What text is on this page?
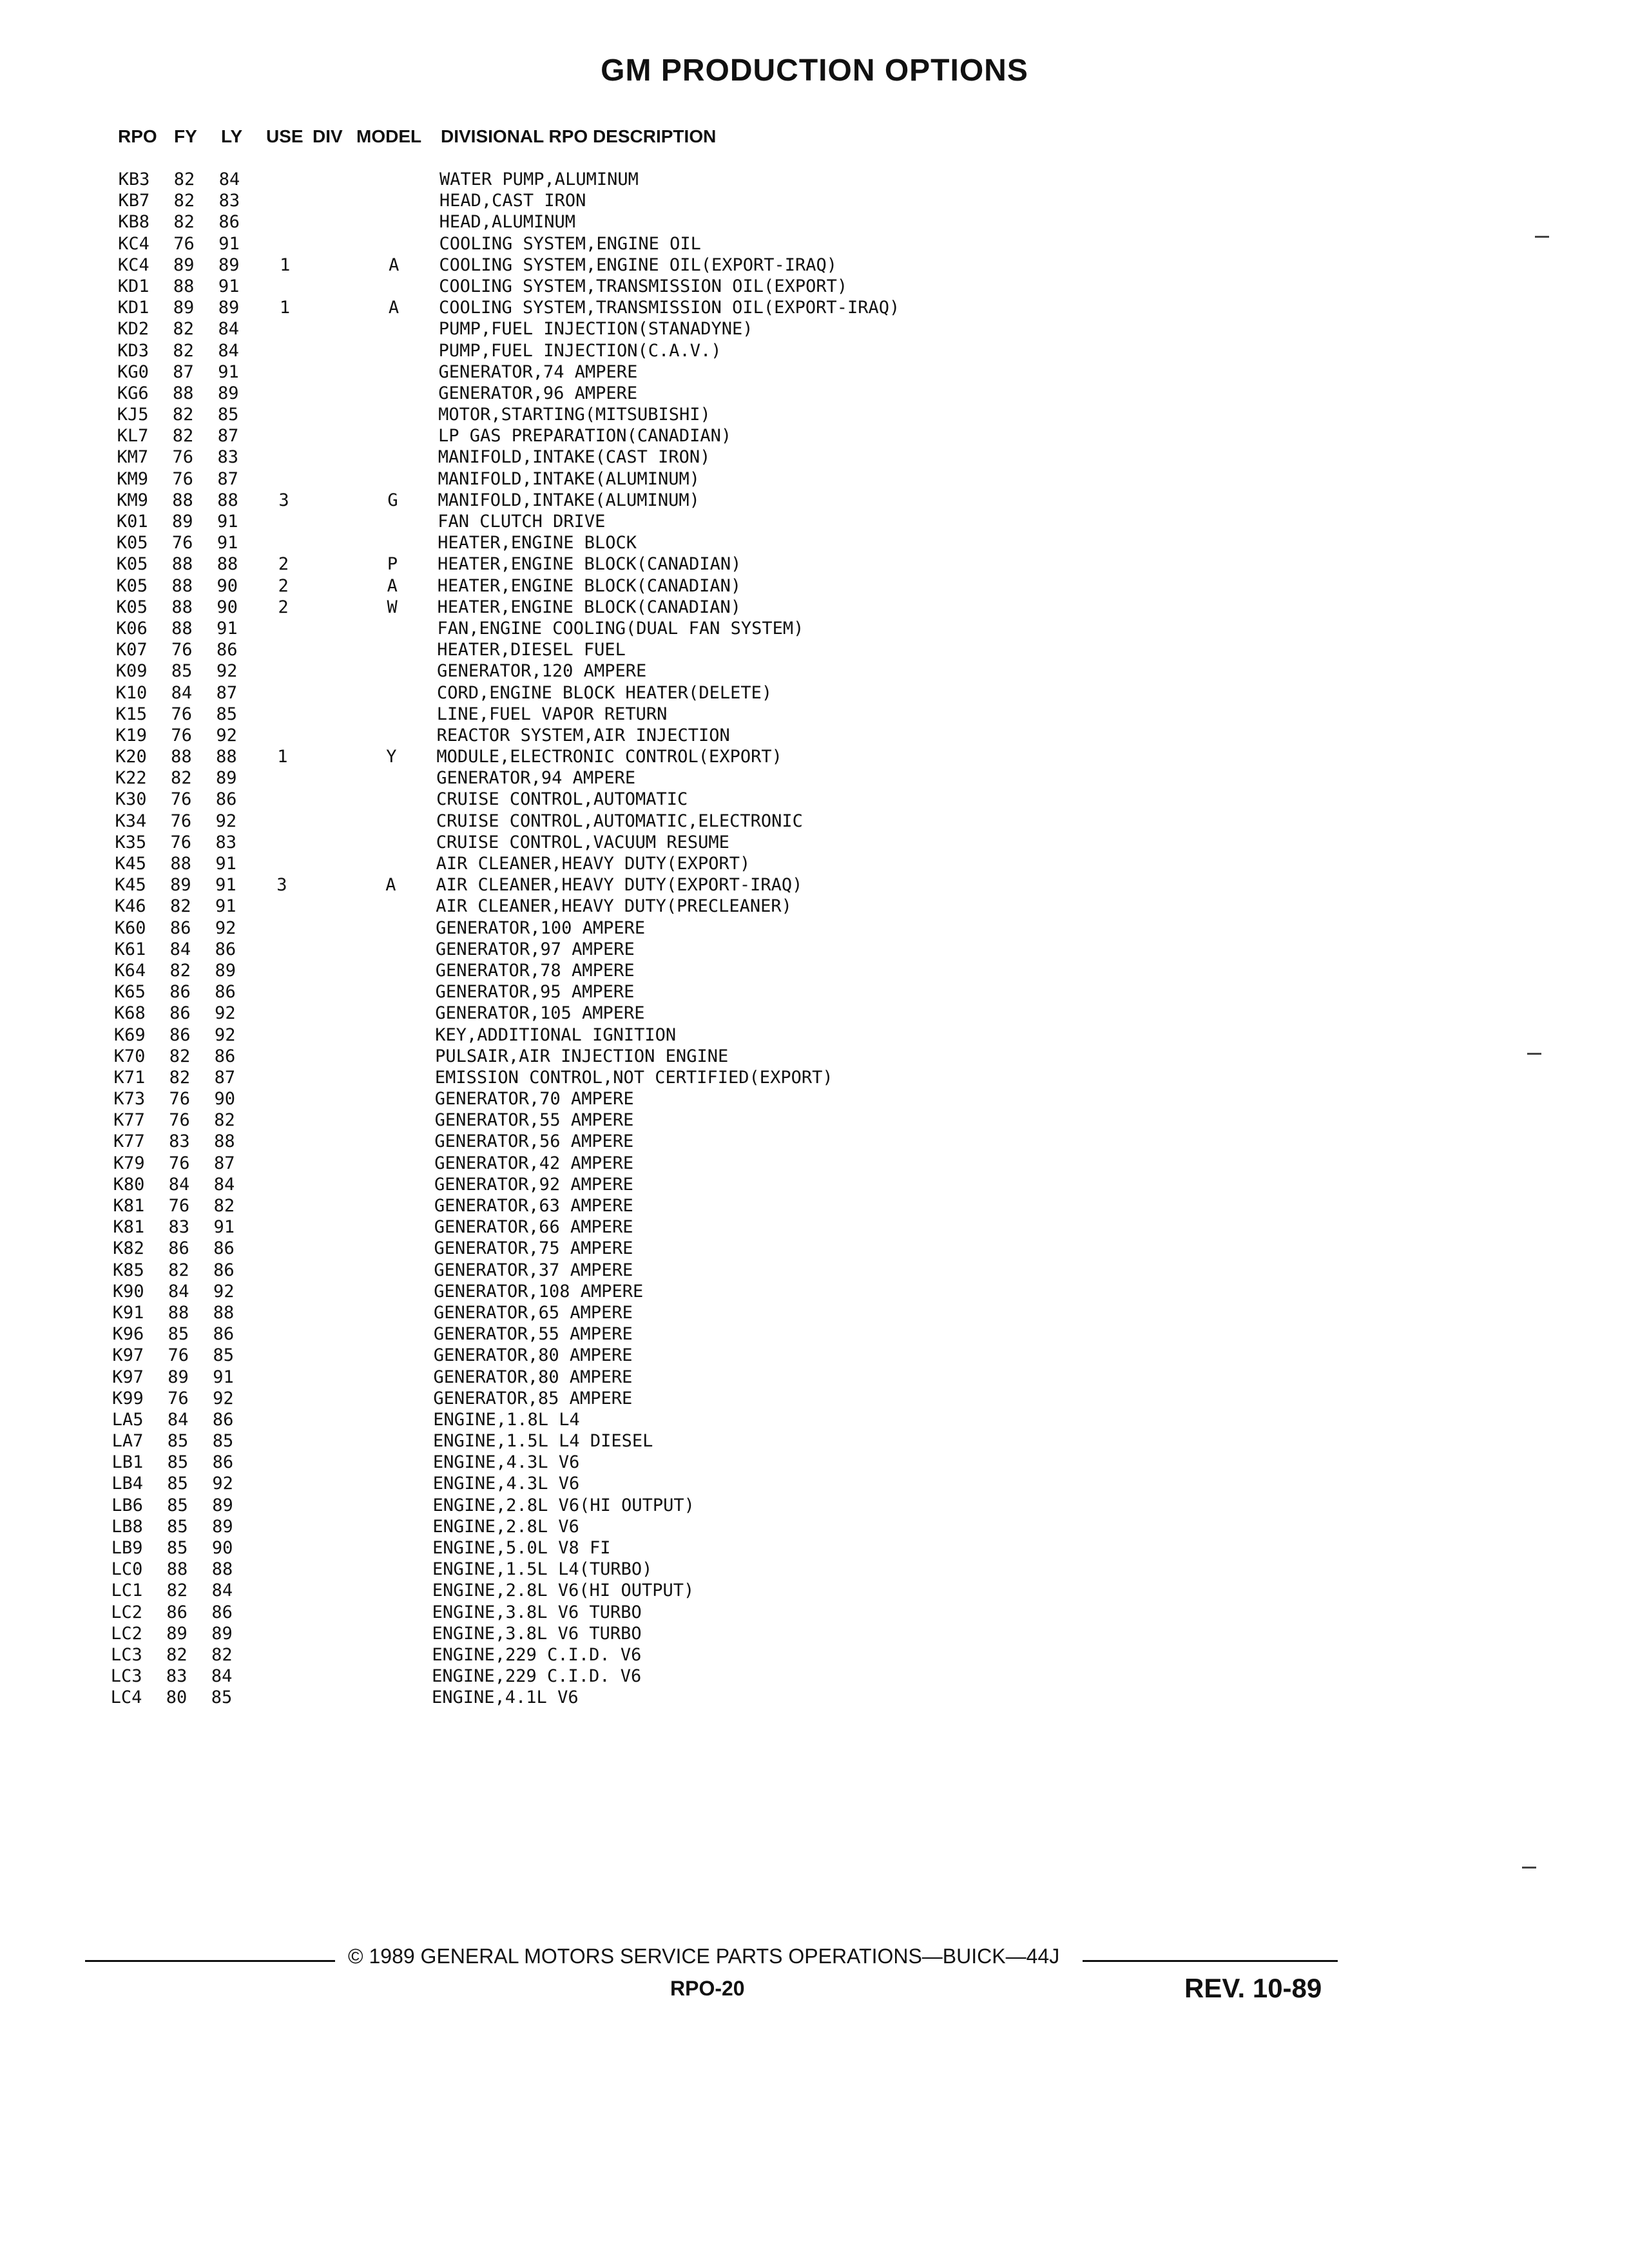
GM PRODUCTION OPTIONS
RPO FY LY USE DIV MODEL DIVISIONAL RPO DESCRIPTION
KB3	82	84	WATER PUMP,ALUMINUM
KB7	82	83	HEAD,CAST IRON
KB8	82	86	HEAD,ALUMINUM
KC4	76	91	COOLING SYSTEM,ENGINE OIL
KC4	89	89	1	A	COOLING SYSTEM,ENGINE OIL(EXPORT-IRAQ)
KD1	88	91	COOLING SYSTEM,TRANSMISSION OIL(EXPORT)
KD1	89	89	1	A	COOLING SYSTEM,TRANSMISSION OIL(EXPORT-IRAQ)
KD2	82	84	PUMP,FUEL INJECTION(STANADYNE)
KD3	82	84	PUMP,FUEL INJECTION(C.A.V.)
KG0	87	91	GENERATOR,74 AMPERE
KG6	88	89	GENERATOR,96 AMPERE
KJ5	82	85	MOTOR,STARTING(MITSUBISHI)
KL7	82	87	LP GAS PREPARATION(CANADIAN)
KM7	76	83	MANIFOLD,INTAKE(CAST IRON)
KM9	76	87	MANIFOLD,INTAKE(ALUMINUM)
KM9	88	88	3	G	MANIFOLD,INTAKE(ALUMINUM)
K01	89	91	FAN CLUTCH DRIVE
K05	76	91	HEATER,ENGINE BLOCK
K05	88	88	2	P	HEATER,ENGINE BLOCK(CANADIAN)
K05	88	90	2	A	HEATER,ENGINE BLOCK(CANADIAN)
K05	88	90	2	W	HEATER,ENGINE BLOCK(CANADIAN)
K06	88	91	FAN,ENGINE COOLING(DUAL FAN SYSTEM)
K07	76	86	HEATER,DIESEL FUEL
K09	85	92	GENERATOR,120 AMPERE
K10	84	87	CORD,ENGINE BLOCK HEATER(DELETE)
K15	76	85	LINE,FUEL VAPOR RETURN
K19	76	92	REACTOR SYSTEM,AIR INJECTION
K20	88	88	1	Y	MODULE,ELECTRONIC CONTROL(EXPORT)
K22	82	89	GENERATOR,94 AMPERE
K30	76	86	CRUISE CONTROL,AUTOMATIC
K34	76	92	CRUISE CONTROL,AUTOMATIC,ELECTRONIC
K35	76	83	CRUISE CONTROL,VACUUM RESUME
K45	88	91	AIR CLEANER,HEAVY DUTY(EXPORT)
K45	89	91	3	A	AIR CLEANER,HEAVY DUTY(EXPORT-IRAQ)
K46	82	91	AIR CLEANER,HEAVY DUTY(PRECLEANER)
K60	86	92	GENERATOR,100 AMPERE
K61	84	86	GENERATOR,97 AMPERE
K64	82	89	GENERATOR,78 AMPERE
K65	86	86	GENERATOR,95 AMPERE
K68	86	92	GENERATOR,105 AMPERE
K69	86	92	KEY,ADDITIONAL IGNITION
K70	82	86	PULSAIR,AIR INJECTION ENGINE
K71	82	87	EMISSION CONTROL,NOT CERTIFIED(EXPORT)
K73	76	90	GENERATOR,70 AMPERE
K77	76	82	GENERATOR,55 AMPERE
K77	83	88	GENERATOR,56 AMPERE
K79	76	87	GENERATOR,42 AMPERE
K80	84	84	GENERATOR,92 AMPERE
K81	76	82	GENERATOR,63 AMPERE
K81	83	91	GENERATOR,66 AMPERE
K82	86	86	GENERATOR,75 AMPERE
K85	82	86	GENERATOR,37 AMPERE
K90	84	92	GENERATOR,108 AMPERE
K91	88	88	GENERATOR,65 AMPERE
K96	85	86	GENERATOR,55 AMPERE
K97	76	85	GENERATOR,80 AMPERE
K97	89	91	GENERATOR,80 AMPERE
K99	76	92	GENERATOR,85 AMPERE
LA5	84	86	ENGINE,1.8L L4
LA7	85	85	ENGINE,1.5L L4 DIESEL
LB1	85	86	ENGINE,4.3L V6
LB4	85	92	ENGINE,4.3L V6
LB6	85	89	ENGINE,2.8L V6(HI OUTPUT)
LB8	85	89	ENGINE,2.8L V6
LB9	85	90	ENGINE,5.0L V8 FI
LC0	88	88	ENGINE,1.5L L4(TURBO)
LC1	82	84	ENGINE,2.8L V6(HI OUTPUT)
LC2	86	86	ENGINE,3.8L V6 TURBO
LC2	89	89	ENGINE,3.8L V6 TURBO
LC3	82	82	ENGINE,229 C.I.D. V6
LC3	83	84	ENGINE,229 C.I.D. V6
LC4	80	85	ENGINE,4.1L V6
© 1989 GENERAL MOTORS SERVICE PARTS OPERATIONS—BUICK—44J
RPO-20	REV. 10-89
